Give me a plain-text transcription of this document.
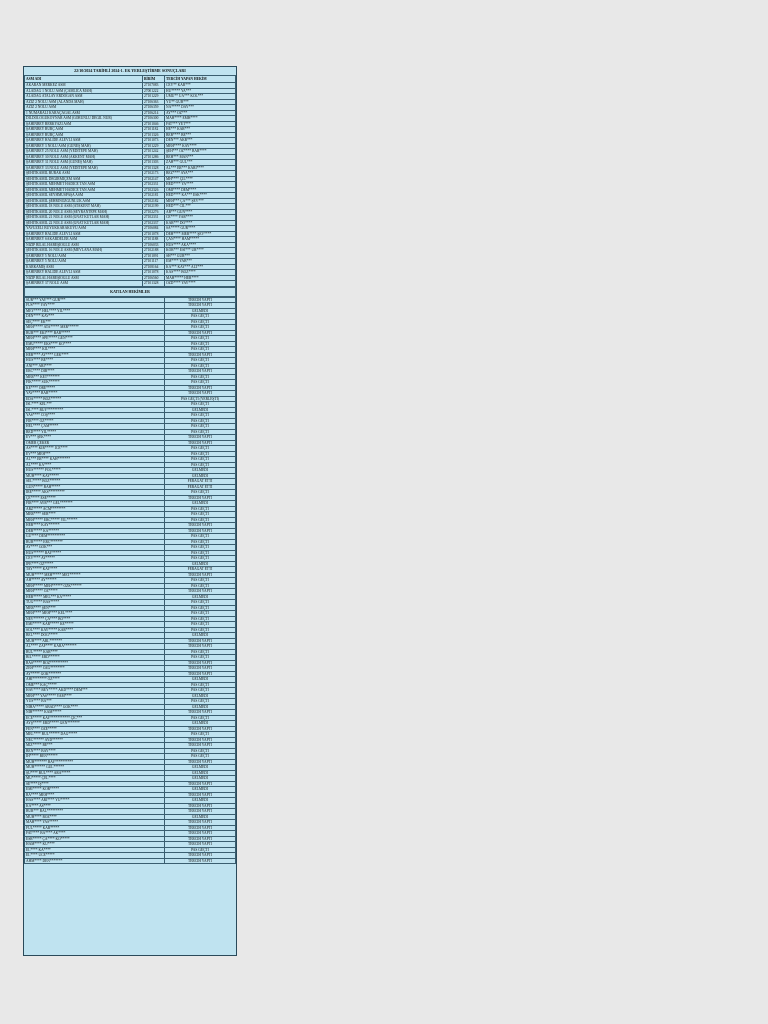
22/10/2024 TARİHLİ 2024-1. EK YERLEŞTİRME SONUÇLARI
ASM ADI	BİRİM	TERCİH YAPAN HEKİM
AKARAN MERKEZ ASM	27107083	CEY** KAR***
ALADAĞ 1 NOLU ASM (ÇAMLICA MAH)	27001222	HÜ***** YA***
ALADAĞ ATALAY ERDOĞAN ASM	27101229	UMU** UA*** KOL***
AZİZ 2 NOLU ASM (ALANDA MAH)	27106363	YU** GUB***
AZİZ 2 NOLU ASM	27106359	NA***** DAY***
1 NUMARALI KARAÇAĞAL ASM	27106214	AY*** ÖZ***
DİLDÖLOĞUKOYNAR ASM (GÖRÜNLÜ DEĞİL NUR)	27106300	MAH**** EMH****
ŞAHİNBEY BERKYAZI ASM	27101046	FAT*** YET***
ŞAHİNBEY BURÇ ASM	27101182	HE*** KAR***
ŞAHİNBEY BURÇ ASM	27101326	BEB**** BE***
ŞAHİNBEY HALİDE ALEVLİ ASM	27101073	DEN*** AKB***
ŞAHİNBEY 3 NOLU ASM (GÜNEŞ MAH)	27101229	MEH**** KAY****
ŞAHİNBEY 25 NOLU ASM (YEDİTEPE MAH)	27101242	ŞEH*** ÖZ**** BAR****
ŞAHİNBEY 30 NOLU ASM (AKKENT MAH)	27101286	BEH*** MAN***
ŞAHİNBEY 31 NOLU ASM (GÜNEŞ MAH)	27101303	ZAH*** GÜL***
ŞAHİNBEY 33 NOLU ASM (YEDİTEPE MAH)	27101328	AL*** ER*** KARI****
ŞEHİTKAMİL BURAK ASM	27102173	BEZ**** AYA***
ŞEHİTKAMİL DEĞİRMİÇEM ASM	27102147	MH**** ÇİL****
ŞEHİTKAMİL MEHMET HADİCE TAN ASM	27102331	HED**** YA****
ŞEHİTKAMİL MEHMET HADİCE TAN ASM	27102326	ÖMİ**** DEM****
ŞEHİTKAMİL SEYHMUSPAŞA ASM	27102181	HED**** KA*** ESK****
ŞEHİTKAMİL ŞEHRİNÖZGÜNLÜK ASM	27102182	MEH*** ÇA*** ŞEV***
ŞEHİTKAMİL 18 NOLU ASM (ATAKENT MAH)	27102199	HED*** CİL***
ŞEHİTKAMİL 20 NOLU ASM (SEYRANTEPE MAH)	27102276	AB*** GÜN****
ŞEHİTKAMİL 21 NOLU ASM (GNAT KUTLAR MAH)	27102331	CE**** YAR****
ŞEHİTKAMİL 22 NOLU ASM (GNAT KUTLAR MAH)	27102337	KAR*** DO****
YAVUZELİ BUYUKKARAKUYU ASM	27106084	SA***** GÜR****
ŞAHİNBEY HALİDE ALEVLİ ASM	27101078	DEH**** MER**** ŞEV****
ŞAHİNBEY SAKARDELER ASM	27101188	ÇAN**** HAM*****
NİZİP BİLAL HABEŞİOĞLU ASM	27106033	HÜS**** AKA****
ŞEHİTKAMİL 16 NOLU ASM (MEVLANA MAH)	27102188	KOR*** ESI*** ÜR****
ŞAHİNBEY 5 NOLU ASM	27101091	SH*** GÜR***
ŞAHİNBEY 5 NOLU ASM	27101117	EM**** YAB***
KARKAMIŞ ASM	27108164	KA*** KAY*** ALT***
ŞAHİNBEY HALİDE ALEVLİ ASM	27101078	KAS**** BOZ****
NİZİP BİLAL HABEŞİOĞLU ASM	27106560	MAH***** HER****
ŞAHİNBEY 37 NOLU ASM	27101328	ÖZD**** YAY****
KATILAN HEKİMLER
SÜR*** YAY*** GÜR***	TERCİH YAPTI
FÜS**** YAY****	TERCİH YAPTI
MEY**** HEL**** YIL****	GELMEDİ
DEN**** KAV***	PAS GEÇTİ
SEÇ**** EK***	PAS GEÇTİ
MEH***** ATA***** MER******	PAS GEÇTİ
BUR*** EKİ**** BAR*****	TERCİH YAPTI
MEH**** SPE***** GEN****	PAS GEÇTİ
EMÜ***** EKS**** KO****	PAS GEÇTİ
MEH**** KIL****	PAS GEÇTİ
HEB**** AY**** GEK****	TERCİH YAPTI
HÜS**** BE****	PAS GEÇTİ
ANI*** ARİ****	PAS GEÇTİ
ERC**** DİR****	TERCİH YAPTI
MER*** KET*******	PAS GEÇTİ
FİK***** SUK******	PAS GEÇTİ
KE**** ORE*****	TERCİH YAPTI
YAV**** BAR*****	TERCİH YAPTI
EDA***** BOZ******	PAS GEÇTİ (YERLEŞTİ)
İSL**** KEL***	PAS GEÇTİ
İSL**** BUY*********	GELMEDİ
YAS**** COŞ****	PAS GEÇTİ
FIR**** ÖZ*****	PAS GEÇTİ
HEL**** ÇAM*****	PAS GEÇTİ
BED**** YIL*****	PAS GEÇTİ
EV*** ŞEK****	TERCİH YAPTI
ÖMER ÇEKER	TERCİH YAPTI
AS**** KIR***** ICE****	PAS GEÇTİ
EV*** MEH***	PAS GEÇTİ
AL*** ER**** KAH*******	PAS GEÇTİ
AL**** KA****	PAS GEÇTİ
HÜS****** POL*****	GELMEDİ
MUH**** KAY*****	GELMEDİ
SEL***** BOZ******	FERAGAT ETTİ
GÜN***** BAH*****	FERAGAT ETTİ
İRE***** AKS*********	PAS GEÇTİ
ÇE***** ESE*****	TERCİH YAPTI
FİR**** AYR*** GEL*******	GELMEDİ
ARZ***** ACM********	PAS GEÇTİ
MER**** SER****	PAS GEÇTİ
MEH***** ERC***** YIL******	PAS GEÇTİ
HEB**** KAY******	TERCİH YAPTI
DEB***** KA******	TERCİH YAPTI
GÜ**** DEM**********	PAS GEÇTİ
BUR***** ERC*******	PAS GEÇTİ
AY**** GÖK***	PAS GEÇTİ
HÜS****** BAY*****	PAS GEÇTİ
CEV**** AY*****	PAS GEÇTİ
İPE**** ÖZ*****	GELMEDİ
TAY***** KAY****	FERAGAT ETTİ
MUH***** MEH***** MET******	TERCİH YAPTI
AH***** AY******	PAS GEÇTİ
MEH***** MEH****** ÖZK******	PAS GEÇTİ
MEH***** ÖZ*****	TERCİH YAPTI
HEB***** MEL*** KA*****	GELMEDİ
TUĞ***** BAS*****	PAS GEÇTİ
MER**** ŞEN****	PAS GEÇTİ
MEH**** MEH**** KEL****	PAS GEÇTİ
NEV****** ÇA**** BO****	PAS GEÇTİ
EMİ***** KAR***** KE*****	PAS GEÇTİ
SOL**** KAY***** KAR****	PAS GEÇTİ
BEL**** DOĞ*****	GELMEDİ
MUH**** ARL*******	TERCİH YAPTI
AL**** ZAF**** KARA*******	TERCİH YAPTI
BÜL***** KAR****	PAS GEÇTİ
BİL***** ERD******	PAS GEÇTİ
BAS***** BOZ**********	TERCİH YAPTI
ZEH***** ÖZG********	TERCİH YAPTI
AY***** GÖK*******	TERCİH YAPTI
AHİ******** ÖZ****	GELMEDİ
ÖME*** KAÇ*****	PAS GEÇTİ
HAV**** BEY***** AKD**** DEM***	PAS GEÇTİ
MEH*** YAS***** YAM****	GELMEDİ
YUS**** BA***	PAS GEÇTİ
NİHA***** ABAD**** GÖK****	GELMEDİ
NİH****** KAM*****	TERCİH YAPTI
ECE***** KAY*********** ÇİC***	PAS GEÇTİ
AYŞ***** ERD***** GEN*******	GELMEDİ
FEN**** ÖZE*****	TERCİH YAPTI
MEL**** BUL****** DAĞ*****	PAS GEÇTİ
NEC****** AYD******	TERCİH YAPTI
MİZ***** BE***	TERCİH YAPTI
BEN**** BAY****	PAS GEÇTİ
İH***** BEN******	PAS GEÇTİ
MUH******* BAY**********	TERCİH YAPTI
MUH****** GÜL******	GELMEDİ
ŞÜ**** BUL**** ARA*****	GELMEDİ
MU***** ÇEL****	GELMEDİ
SE**** İŞ****	TERCİH YAPTI
EMİ***** KOR*****	GELMEDİ
BA**** MEH****	TERCİH YAPTI
HAS**** ARİ**** YU*****	GELMEDİ
KA**** AS****	TERCİH YAPTI
BUR*** BAL*********	TERCİH YAPTI
MUH**** BOZ****	GELMEDİ
MAH**** YAS*****	TERCİH YAPTI
FUL***** KAR*****	TERCİH YAPTI
FAT**** BA**** AK****	TERCİH YAPTI
ESR***** ÇA**** KO*****	TERCİH YAPTI
HAM**** KU****	TERCİH YAPTI
EL**** KA****	PAS GEÇTİ
EL**** UCE*****	TERCİH YAPTI
AHM**** DEN*******	TERCİH YAPTI
